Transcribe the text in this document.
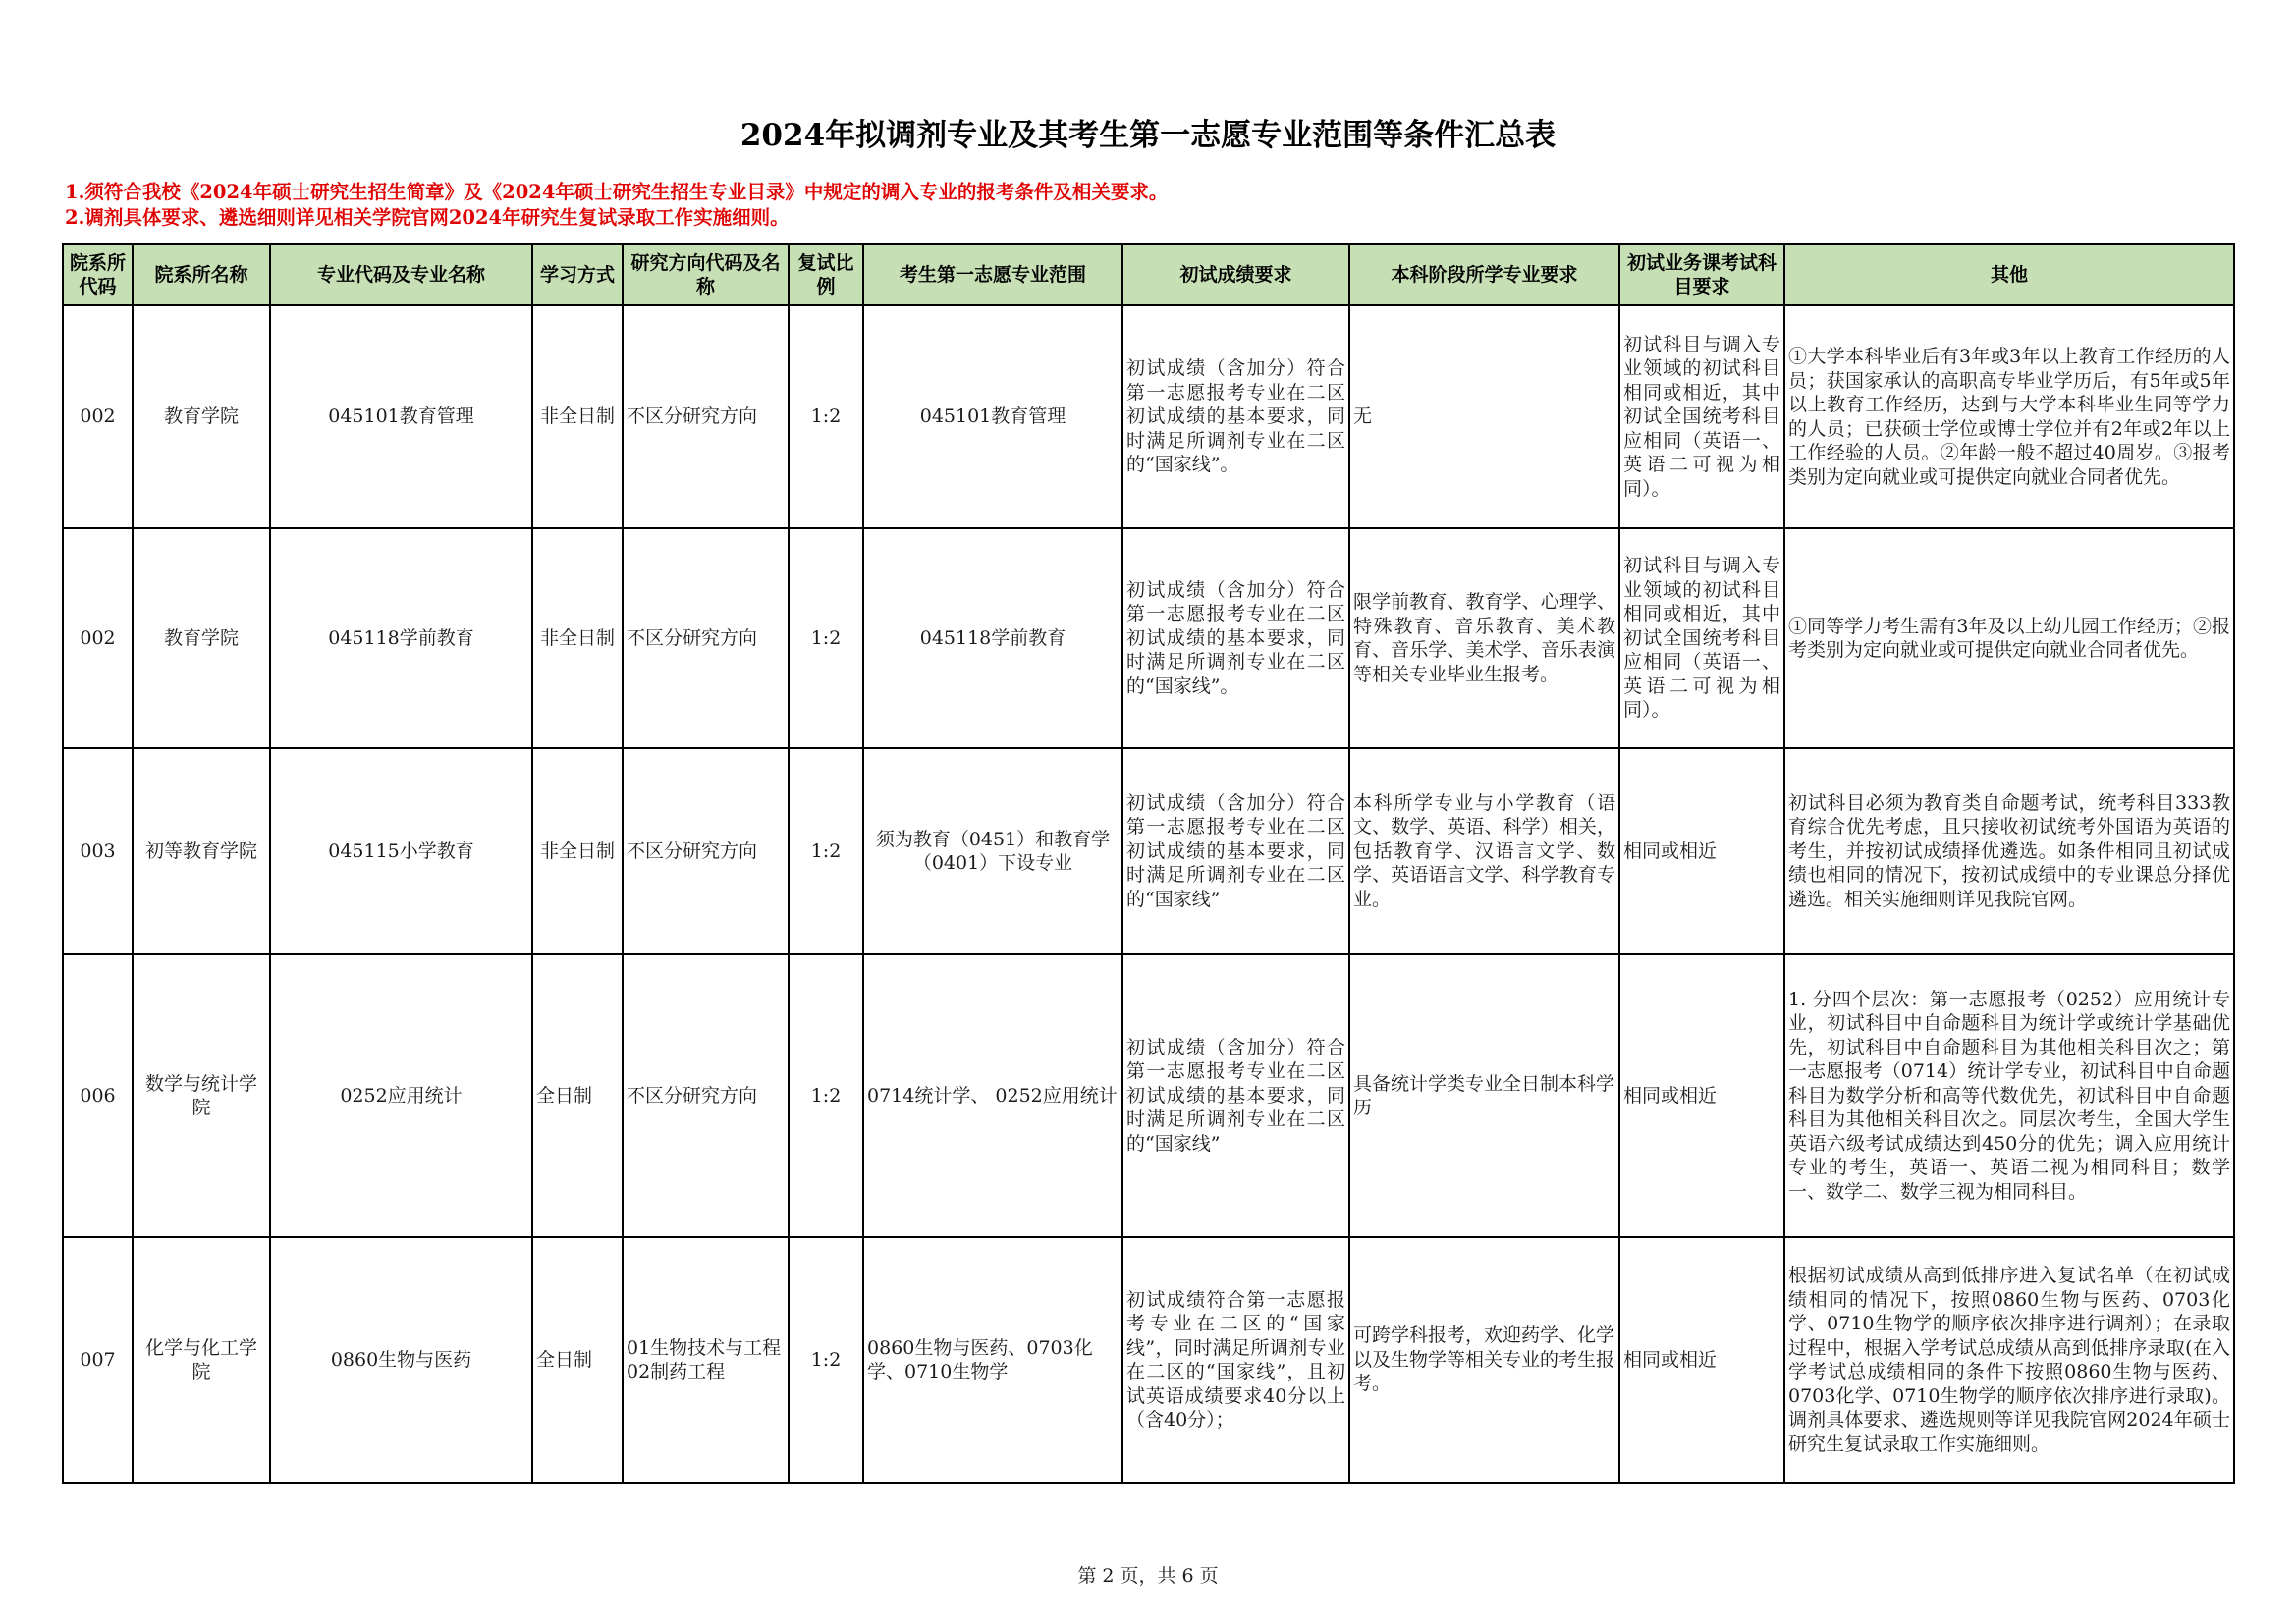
2024年拟调剂专业及其考生第一志愿专业范围等条件汇总表
1.须符合我校《2024年硕士研究生招生简章》及《2024年硕士研究生招生专业目录》中规定的调入专业的报考条件及相关要求。
2.调剂具体要求、遴选细则详见相关学院官网2024年研究生复试录取工作实施细则。
院系所代码	院系所名称	专业代码及专业名称	学习方式	研究方向代码及名称	复试比例	考生第一志愿专业范围	初试成绩要求	本科阶段所学专业要求	初试业务课考试科目要求	其他
002	教育学院	045101教育管理	非全日制	不区分研究方向	1:2	045101教育管理	初试成绩（含加分）符合第一志愿报考专业在二区初试成绩的基本要求，同时满足所调剂专业在二区的“国家线”。	无	初试科目与调入专业领域的初试科目相同或相近，其中初试全国统考科目应相同（英语一、英语二可视为相同）。	①大学本科毕业后有3年或3年以上教育工作经历的人员；获国家承认的高职高专毕业学历后，有5年或5年以上教育工作经历，达到与大学本科毕业生同等学力的人员；已获硕士学位或博士学位并有2年或2年以上工作经验的人员。②年龄一般不超过40周岁。③报考类别为定向就业或可提供定向就业合同者优先。
002	教育学院	045118学前教育	非全日制	不区分研究方向	1:2	045118学前教育	初试成绩（含加分）符合第一志愿报考专业在二区初试成绩的基本要求，同时满足所调剂专业在二区的“国家线”。	限学前教育、教育学、心理学、特殊教育、音乐教育、美术教育、音乐学、美术学、音乐表演等相关专业毕业生报考。	初试科目与调入专业领域的初试科目相同或相近，其中初试全国统考科目应相同（英语一、英语二可视为相同）。	①同等学力考生需有3年及以上幼儿园工作经历；②报考类别为定向就业或可提供定向就业合同者优先。
003	初等教育学院	045115小学教育	非全日制	不区分研究方向	1:2	须为教育（0451）和教育学（0401）下设专业	初试成绩（含加分）符合第一志愿报考专业在二区初试成绩的基本要求，同时满足所调剂专业在二区的“国家线”	本科所学专业与小学教育（语文、数学、英语、科学）相关，包括教育学、汉语言文学、数学、英语语言文学、科学教育专业。	相同或相近	初试科目必须为教育类自命题考试，统考科目333教育综合优先考虑，且只接收初试统考外国语为英语的考生，并按初试成绩择优遴选。如条件相同且初试成绩也相同的情况下，按初试成绩中的专业课总分择优遴选。相关实施细则详见我院官网。
006	数学与统计学院	0252应用统计	全日制	不区分研究方向	1:2	0714统计学、 0252应用统计	初试成绩（含加分）符合第一志愿报考专业在二区初试成绩的基本要求，同时满足所调剂专业在二区的“国家线”	具备统计学类专业全日制本科学历	相同或相近	1. 分四个层次：第一志愿报考（0252）应用统计专业，初试科目中自命题科目为统计学或统计学基础优先，初试科目中自命题科目为其他相关科目次之；第一志愿报考（0714）统计学专业，初试科目中自命题科目为数学分析和高等代数优先，初试科目中自命题科目为其他相关科目次之。同层次考生，全国大学生英语六级考试成绩达到450分的优先；调入应用统计专业的考生，英语一、英语二视为相同科目；数学一、数学二、数学三视为相同科目。
007	化学与化工学院	0860生物与医药	全日制	01生物技术与工程02制药工程	1:2	0860生物与医药、0703化学、0710生物学	初试成绩符合第一志愿报考专业在二区的“国家线”，同时满足所调剂专业在二区的“国家线”，且初试英语成绩要求40分以上（含40分）；	可跨学科报考，欢迎药学、化学以及生物学等相关专业的考生报考。	相同或相近	根据初试成绩从高到低排序进入复试名单（在初试成绩相同的情况下，按照0860生物与医药、0703化学、0710生物学的顺序依次排序进行调剂）；在录取过程中，根据入学考试总成绩从高到低排序录取(在入学考试总成绩相同的条件下按照0860生物与医药、0703化学、0710生物学的顺序依次排序进行录取)。调剂具体要求、遴选规则等详见我院官网2024年硕士研究生复试录取工作实施细则。
第 2 页，共 6 页
